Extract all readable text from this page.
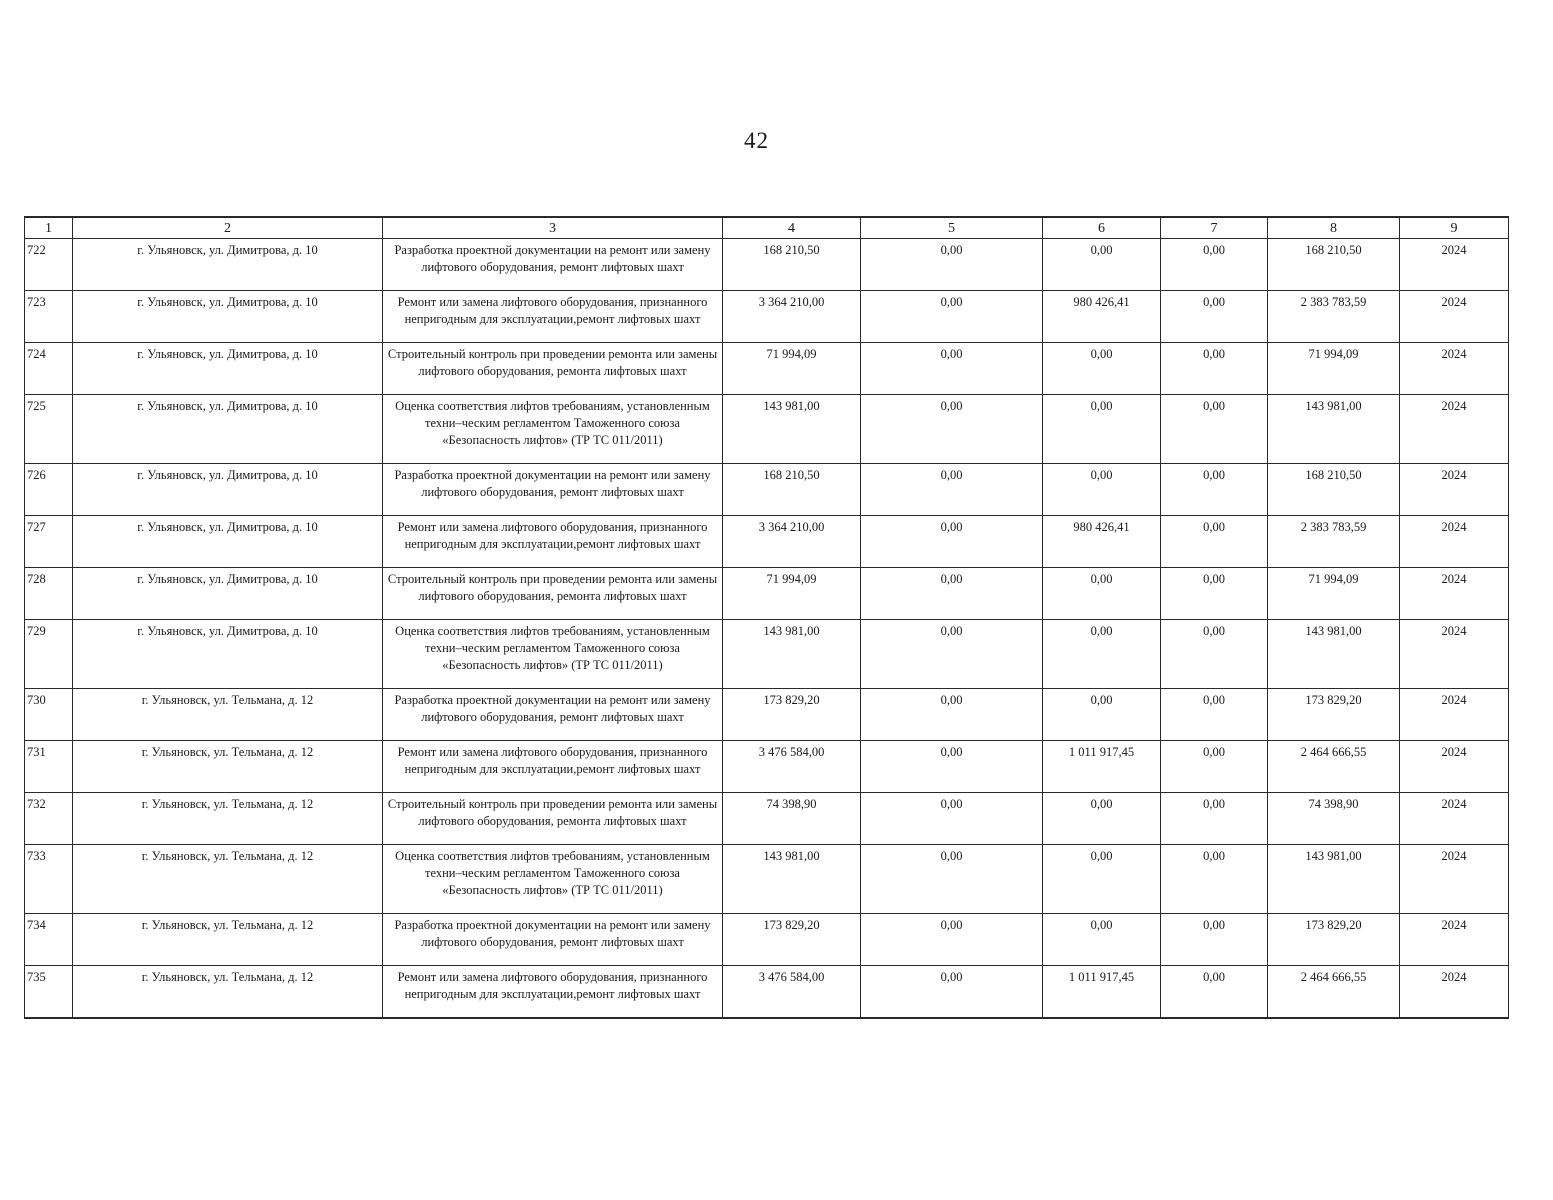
42
1	2	3	4	5	6	7	8	9
722	г. Ульяновск, ул. Димитрова, д. 10	Разработка проектной документации на ремонт или замену лифтового оборудования, ремонт лифтовых шахт	168 210,50	0,00	0,00	0,00	168 210,50	2024
723	г. Ульяновск, ул. Димитрова, д. 10	Ремонт или замена лифтового оборудования, признанного непригодным для эксплуатации,ремонт лифтовых шахт	3 364 210,00	0,00	980 426,41	0,00	2 383 783,59	2024
724	г. Ульяновск, ул. Димитрова, д. 10	Строительный контроль при проведении ремонта или замены лифтового оборудования, ремонта лифтовых шахт	71 994,09	0,00	0,00	0,00	71 994,09	2024
725	г. Ульяновск, ул. Димитрова, д. 10	Оценка соответствия лифтов требованиям, установленным техни–ческим регламентом Таможенного союза «Безопасность лифтов» (ТР ТС 011/2011)	143 981,00	0,00	0,00	0,00	143 981,00	2024
726	г. Ульяновск, ул. Димитрова, д. 10	Разработка проектной документации на ремонт или замену лифтового оборудования, ремонт лифтовых шахт	168 210,50	0,00	0,00	0,00	168 210,50	2024
727	г. Ульяновск, ул. Димитрова, д. 10	Ремонт или замена лифтового оборудования, признанного непригодным для эксплуатации,ремонт лифтовых шахт	3 364 210,00	0,00	980 426,41	0,00	2 383 783,59	2024
728	г. Ульяновск, ул. Димитрова, д. 10	Строительный контроль при проведении ремонта или замены лифтового оборудования, ремонта лифтовых шахт	71 994,09	0,00	0,00	0,00	71 994,09	2024
729	г. Ульяновск, ул. Димитрова, д. 10	Оценка соответствия лифтов требованиям, установленным техни–ческим регламентом Таможенного союза «Безопасность лифтов» (ТР ТС 011/2011)	143 981,00	0,00	0,00	0,00	143 981,00	2024
730	г. Ульяновск, ул. Тельмана, д. 12	Разработка проектной документации на ремонт или замену лифтового оборудования, ремонт лифтовых шахт	173 829,20	0,00	0,00	0,00	173 829,20	2024
731	г. Ульяновск, ул. Тельмана, д. 12	Ремонт или замена лифтового оборудования, признанного непригодным для эксплуатации,ремонт лифтовых шахт	3 476 584,00	0,00	1 011 917,45	0,00	2 464 666,55	2024
732	г. Ульяновск, ул. Тельмана, д. 12	Строительный контроль при проведении ремонта или замены лифтового оборудования, ремонта лифтовых шахт	74 398,90	0,00	0,00	0,00	74 398,90	2024
733	г. Ульяновск, ул. Тельмана, д. 12	Оценка соответствия лифтов требованиям, установленным техни–ческим регламентом Таможенного союза «Безопасность лифтов» (ТР ТС 011/2011)	143 981,00	0,00	0,00	0,00	143 981,00	2024
734	г. Ульяновск, ул. Тельмана, д. 12	Разработка проектной документации на ремонт или замену лифтового оборудования, ремонт лифтовых шахт	173 829,20	0,00	0,00	0,00	173 829,20	2024
735	г. Ульяновск, ул. Тельмана, д. 12	Ремонт или замена лифтового оборудования, признанного непригодным для эксплуатации,ремонт лифтовых шахт	3 476 584,00	0,00	1 011 917,45	0,00	2 464 666,55	2024
